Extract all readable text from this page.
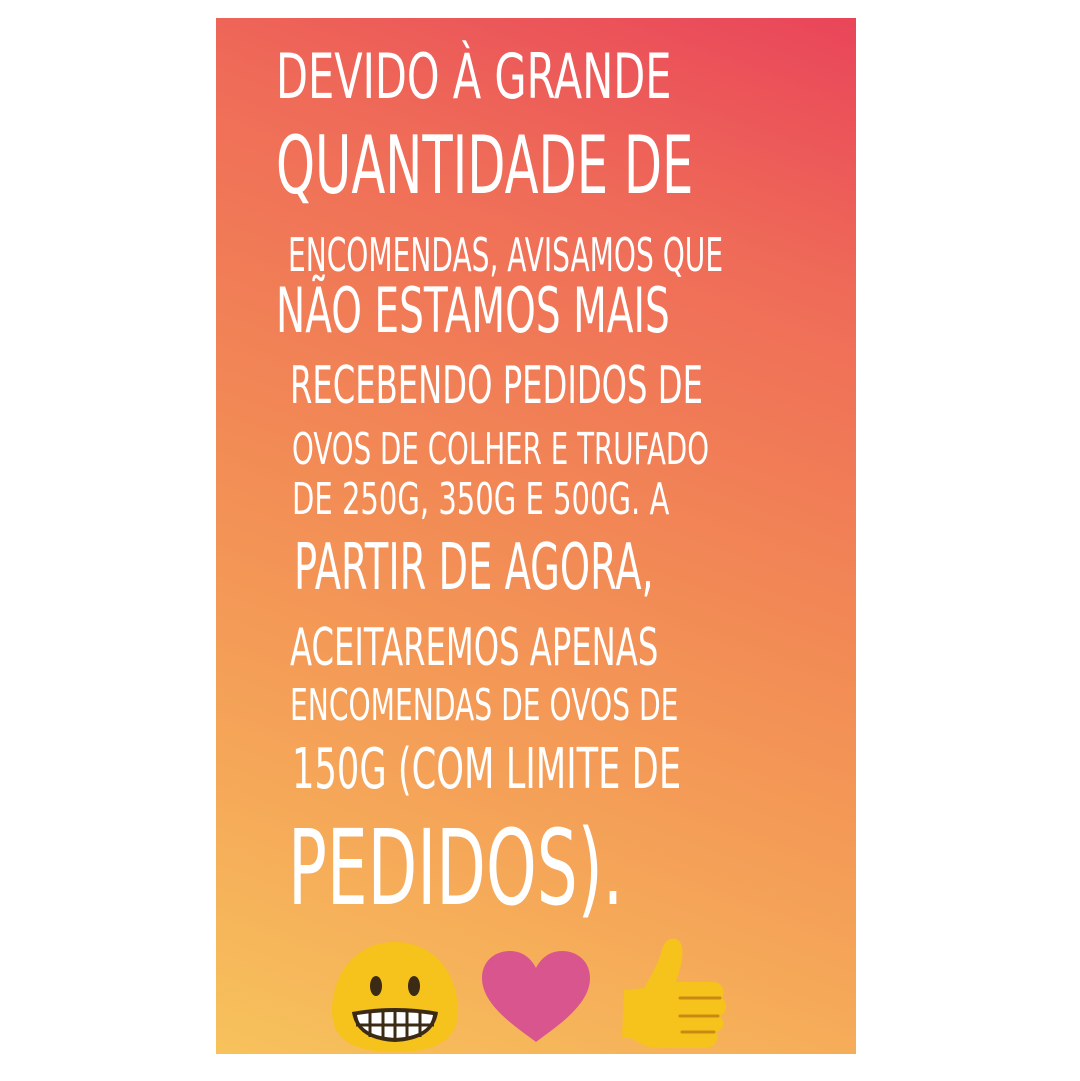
DEVIDO À GRANDE
QUANTIDADE DE
ENCOMENDAS, AVISAMOS QUE
NÃO ESTAMOS MAIS
RECEBENDO PEDIDOS DE
OVOS DE COLHER E TRUFADO
DE 250G, 350G E 500G. A
PARTIR DE AGORA,
ACEITAREMOS APENAS
ENCOMENDAS DE OVOS DE
150G (COM LIMITE DE
PEDIDOS).
